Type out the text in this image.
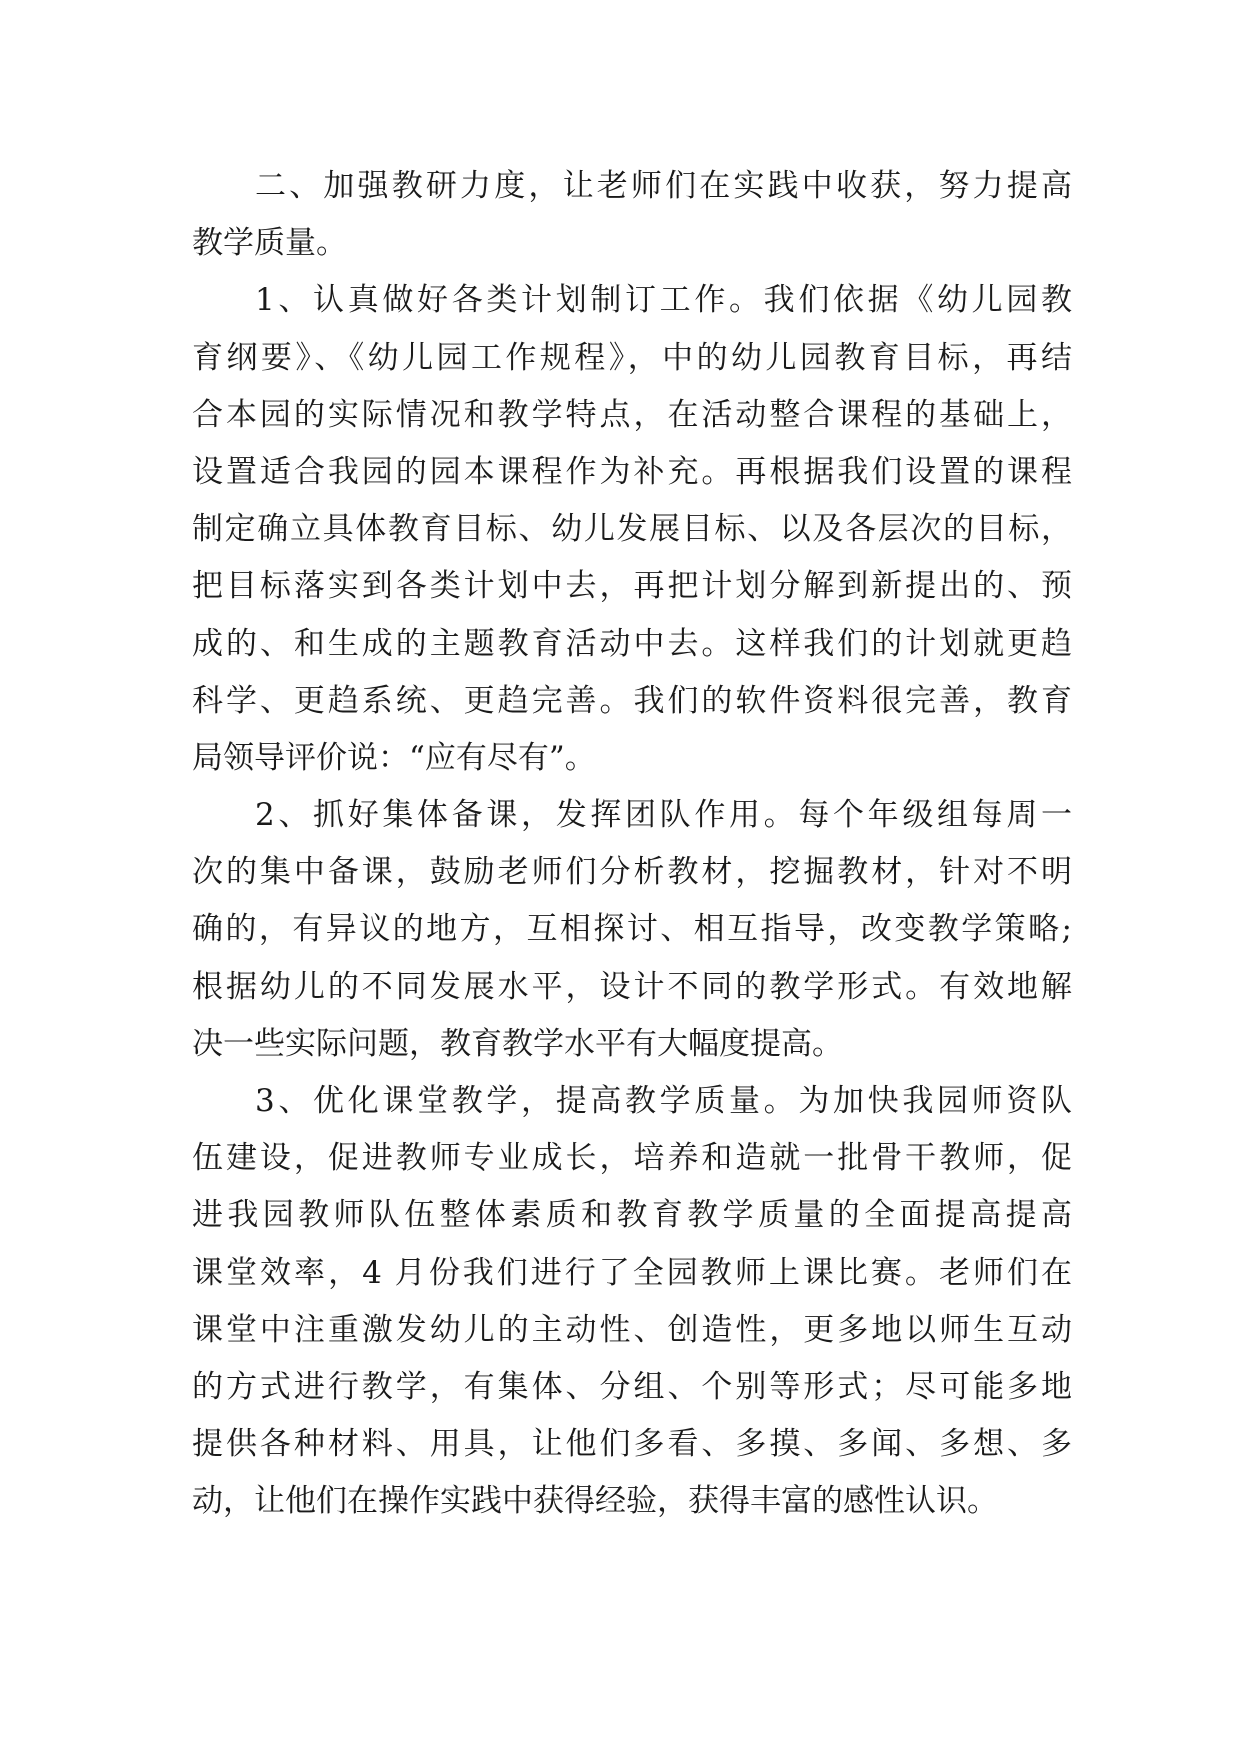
二、加强教研力度，让老师们在实践中收获，努力提高
教学质量。
1、认真做好各类计划制订工作。我们依据《幼儿园教
育纲要》、《幼儿园工作规程》，中的幼儿园教育目标，再结
合本园的实际情况和教学特点，在活动整合课程的基础上，
设置适合我园的园本课程作为补充。再根据我们设置的课程
制定确立具体教育目标、幼儿发展目标、以及各层次的目标，
把目标落实到各类计划中去，再把计划分解到新提出的、预
成的、和生成的主题教育活动中去。这样我们的计划就更趋
科学、更趋系统、更趋完善。我们的软件资料很完善，教育
局领导评价说：“应有尽有”。
2、抓好集体备课，发挥团队作用。每个年级组每周一
次的集中备课，鼓励老师们分析教材，挖掘教材，针对不明
确的，有异议的地方，互相探讨、相互指导，改变教学策略;
根据幼儿的不同发展水平，设计不同的教学形式。有效地解
决一些实际问题，教育教学水平有大幅度提高。
3、优化课堂教学，提高教学质量。为加快我园师资队
伍建设，促进教师专业成长，培养和造就一批骨干教师，促
进我园教师队伍整体素质和教育教学质量的全面提高提高
课堂效率，4 月份我们进行了全园教师上课比赛。老师们在
课堂中注重激发幼儿的主动性、创造性，更多地以师生互动
的方式进行教学，有集体、分组、个别等形式；尽可能多地
提供各种材料、用具，让他们多看、多摸、多闻、多想、多
动，让他们在操作实践中获得经验，获得丰富的感性认识。
